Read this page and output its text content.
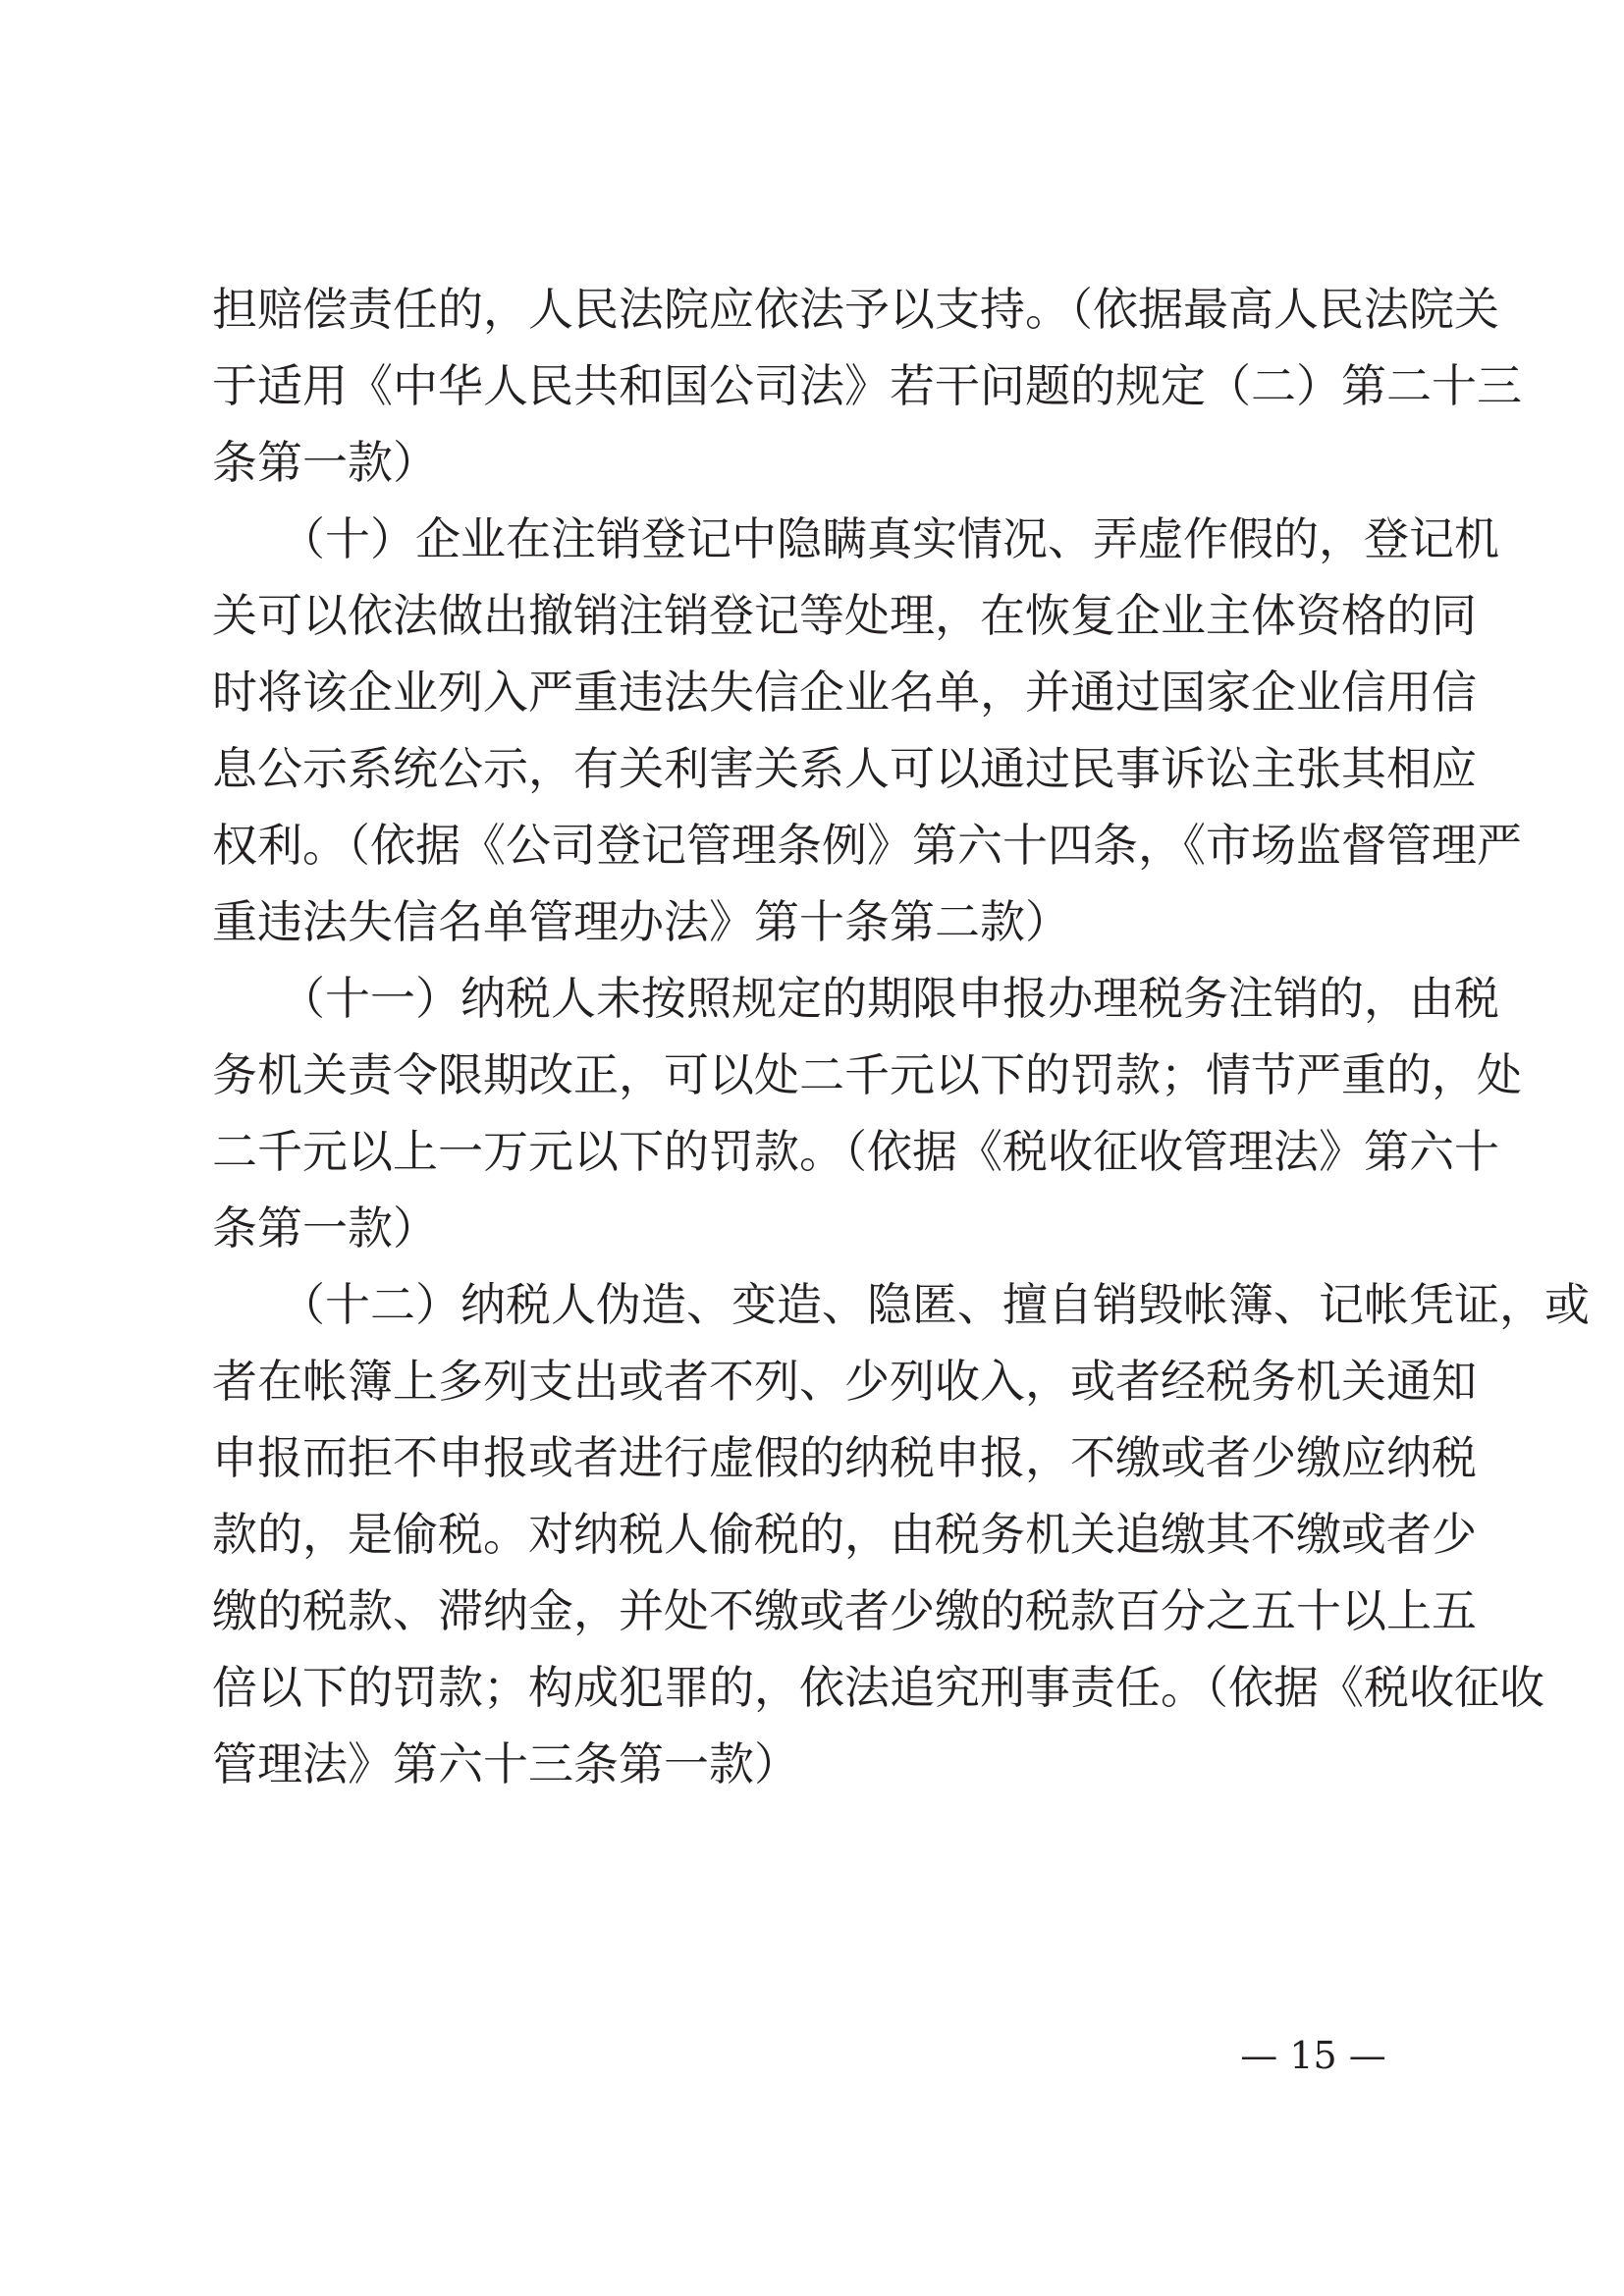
担赔偿责任的，人民法院应依法予以支持。（依据最高人民法院关
于适用《中华人民共和国公司法》若干问题的规定（二）第二十三
条第一款）
　　（十）企业在注销登记中隐瞒真实情况、弄虚作假的，登记机
关可以依法做出撤销注销登记等处理，在恢复企业主体资格的同
时将该企业列入严重违法失信企业名单，并通过国家企业信用信
息公示系统公示，有关利害关系人可以通过民事诉讼主张其相应
权利。（依据《公司登记管理条例》第六十四条，《市场监督管理严
重违法失信名单管理办法》第十条第二款）
　　（十一）纳税人未按照规定的期限申报办理税务注销的，由税
务机关责令限期改正，可以处二千元以下的罚款；情节严重的，处
二千元以上一万元以下的罚款。（依据《税收征收管理法》第六十
条第一款）
　　（十二）纳税人伪造、变造、隐匿、擅自销毁帐簿、记帐凭证，或
者在帐簿上多列支出或者不列、少列收入，或者经税务机关通知
申报而拒不申报或者进行虚假的纳税申报，不缴或者少缴应纳税
款的，是偷税。对纳税人偷税的，由税务机关追缴其不缴或者少
缴的税款、滞纳金，并处不缴或者少缴的税款百分之五十以上五
倍以下的罚款；构成犯罪的，依法追究刑事责任。（依据《税收征收
管理法》第六十三条第一款）
— 15 —
